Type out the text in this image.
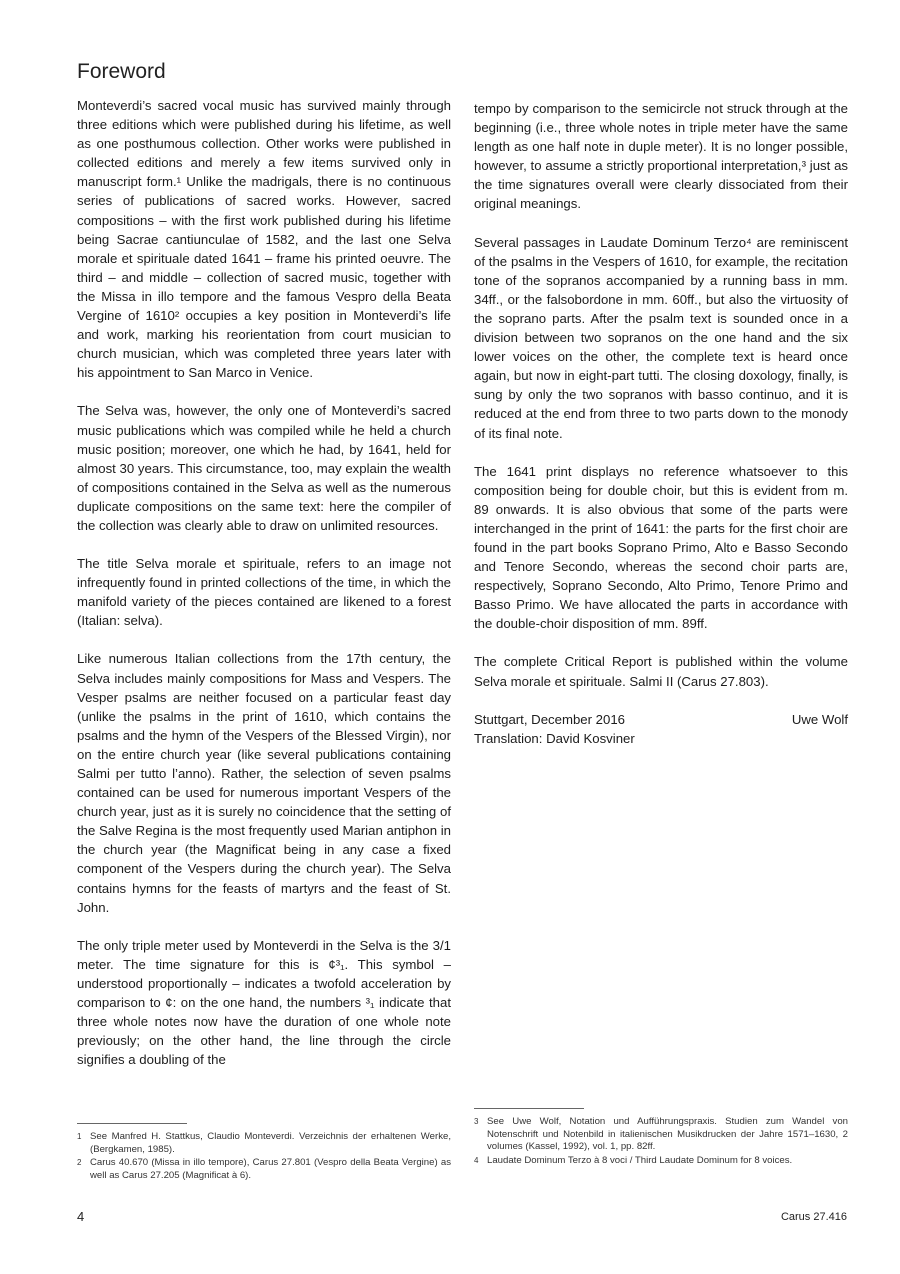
Foreword

Monteverdi’s sacred vocal music has survived mainly through three editions which were published during his lifetime, as well as one posthumous collection. Other works were published in collected editions and merely a few items survived only in manuscript form.¹ Unlike the madrigals, there is no continuous series of publications of sacred works. However, sacred compositions – with the first work published during his lifetime being Sacrae cantiunculae of 1582, and the last one Selva morale et spirituale dated 1641 – frame his printed oeuvre. The third – and middle – collection of sacred music, together with the Missa in illo tempore and the famous Vespro della Beata Vergine of 1610² occupies a key position in Monteverdi’s life and work, marking his reorientation from court musician to church musician, which was completed three years later with his appointment to San Marco in Venice.

The Selva was, however, the only one of Monteverdi’s sacred music publications which was compiled while he held a church music position; moreover, one which he had, by 1641, held for almost 30 years. This circumstance, too, may explain the wealth of compositions contained in the Selva as well as the numerous duplicate compositions on the same text: here the compiler of the collection was clearly able to draw on unlimited resources.

The title Selva morale et spirituale, refers to an image not infrequently found in printed collections of the time, in which the manifold variety of the pieces contained are likened to a forest (Italian: selva).

Like numerous Italian collections from the 17th century, the Selva includes mainly compositions for Mass and Vespers. The Vesper psalms are neither focused on a particular feast day (unlike the psalms in the print of 1610, which contains the psalms and the hymn of the Vespers of the Blessed Virgin), nor on the entire church year (like several publications containing Salmi per tutto l’anno). Rather, the selection of seven psalms contained can be used for numerous important Vespers of the church year, just as it is surely no coincidence that the setting of the Salve Regina is the most frequently used Marian antiphon in the church year (the Magnificat being in any case a fixed component of the Vespers during the church year). The Selva contains hymns for the feasts of martyrs and the feast of St. John.

The only triple meter used by Monteverdi in the Selva is the 3/1 meter. The time signature for this is ¢³₁. This symbol – understood proportionally – indicates a twofold acceleration by comparison to ¢: on the one hand, the numbers ³₁ indicate that three whole notes now have the duration of one whole note previously; on the other hand, the line through the circle signifies a doubling of the

tempo by comparison to the semicircle not struck through at the beginning (i.e., three whole notes in triple meter have the same length as one half note in duple meter). It is no longer possible, however, to assume a strictly proportional interpretation,³ just as the time signatures overall were clearly dissociated from their original meanings.

Several passages in Laudate Dominum Terzo⁴ are reminiscent of the psalms in the Vespers of 1610, for example, the recitation tone of the sopranos accompanied by a running bass in mm. 34ff., or the falsobordone in mm. 60ff., but also the virtuosity of the soprano parts. After the psalm text is sounded once in a division between two sopranos on the one hand and the six lower voices on the other, the complete text is heard once again, but now in eight-part tutti. The closing doxology, finally, is sung by only the two sopranos with basso continuo, and it is reduced at the end from three to two parts down to the monody of its final note.

The 1641 print displays no reference whatsoever to this composition being for double choir, but this is evident from m. 89 onwards. It is also obvious that some of the parts were interchanged in the print of 1641: the parts for the first choir are found in the part books Soprano Primo, Alto e Basso Secondo and Tenore Secondo, whereas the second choir parts are, respectively, Soprano Secondo, Alto Primo, Tenore Primo and Basso Primo. We have allocated the parts in accordance with the double-choir disposition of mm. 89ff.

The complete Critical Report is published within the volume Selva morale et spirituale. Salmi II (Carus 27.803).

Stuttgart, December 2016	Uwe Wolf
Translation: David Kosviner
1 See Manfred H. Stattkus, Claudio Monteverdi. Verzeichnis der erhaltenen Werke, (Bergkamen, 1985).
2 Carus 40.670 (Missa in illo tempore), Carus 27.801 (Vespro della Beata Vergine) as well as Carus 27.205 (Magnificat à 6).
3 See Uwe Wolf, Notation und Aufführungspraxis. Studien zum Wandel von Notenschrift und Notenbild in italienischen Musikdrucken der Jahre 1571–1630, 2 volumes (Kassel, 1992), vol. 1, pp. 82ff.
4 Laudate Dominum Terzo à 8 voci / Third Laudate Dominum for 8 voices.
4	Carus 27.416
